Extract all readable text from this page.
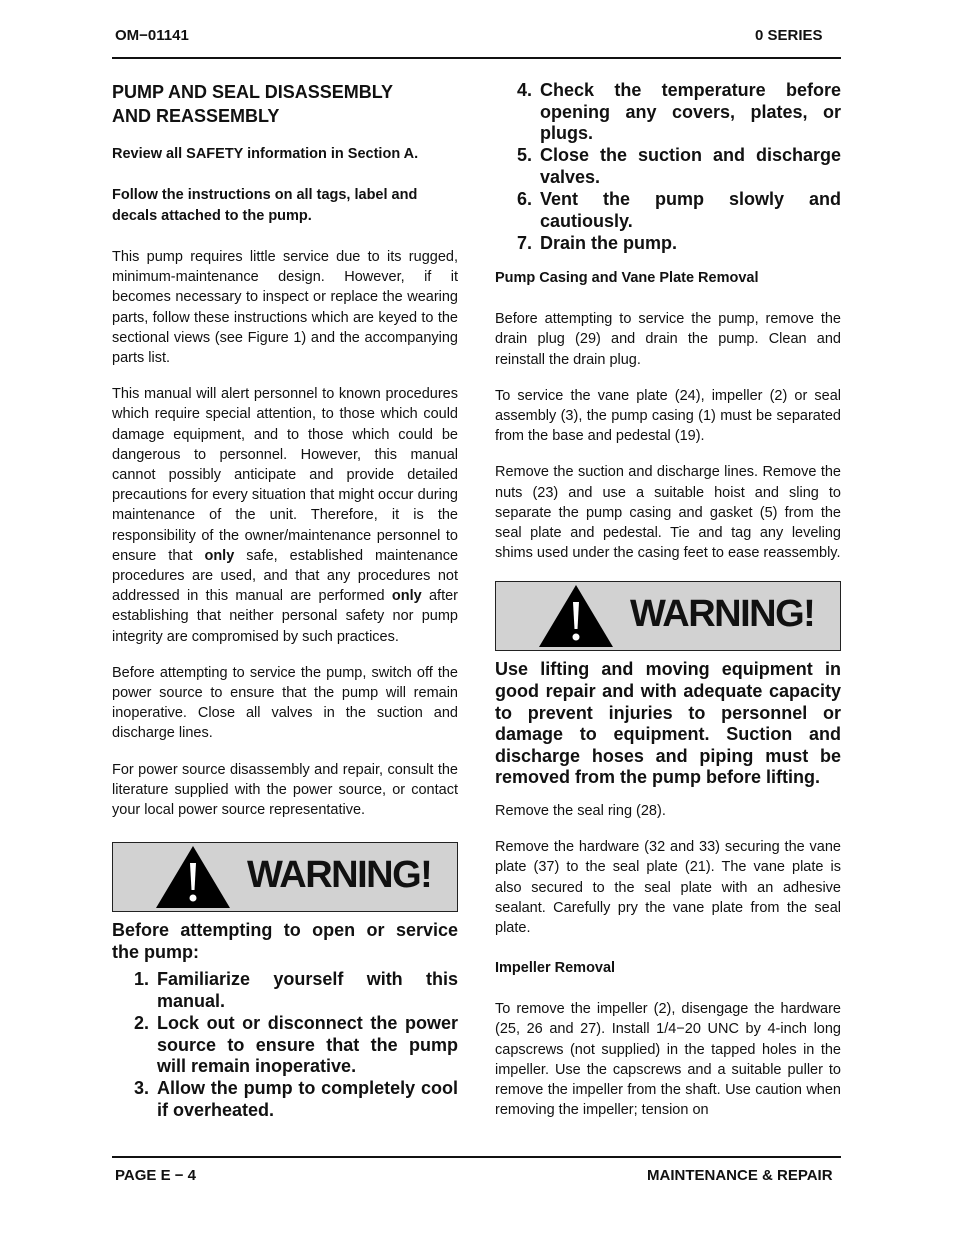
OM−01141	0 SERIES
PUMP AND SEAL DISASSEMBLY
AND REASSEMBLY

Review all SAFETY information in Section A.

Follow the instructions on all tags, label and decals attached to the pump.

This pump requires little service due to its rugged, minimum-maintenance design. However, if it becomes necessary to inspect or replace the wearing parts, follow these instructions which are keyed to the sectional views (see Figure 1) and the accompanying parts list.

This manual will alert personnel to known procedures which require special attention, to those which could damage equipment, and to those which could be dangerous to personnel. However, this manual cannot possibly anticipate and provide detailed precautions for every situation that might occur during maintenance of the unit. Therefore, it is the responsibility of the owner/maintenance personnel to ensure that only safe, established maintenance procedures are used, and that any procedures not addressed in this manual are performed only after establishing that neither personal safety nor pump integrity are compromised by such practices.

Before attempting to service the pump, switch off the power source to ensure that the pump will remain inoperative. Close all valves in the suction and discharge lines.

For power source disassembly and repair, consult the literature supplied with the power source, or contact your local power source representative.

WARNING!

Before attempting to open or service the pump:

1. Familiarize yourself with this manual.
2. Lock out or disconnect the power source to ensure that the pump will remain inoperative.
3. Allow the pump to completely cool if overheated.
4. Check the temperature before opening any covers, plates, or plugs.
5. Close the suction and discharge valves.
6. Vent the pump slowly and cautiously.
7. Drain the pump.

Pump Casing and Vane Plate Removal

Before attempting to service the pump, remove the drain plug (29) and drain the pump. Clean and reinstall the drain plug.

To service the vane plate (24), impeller (2) or seal assembly (3), the pump casing (1) must be separated from the base and pedestal (19).

Remove the suction and discharge lines. Remove the nuts (23) and use a suitable hoist and sling to separate the pump casing and gasket (5) from the seal plate and pedestal. Tie and tag any leveling shims used under the casing feet to ease reassembly.

WARNING!

Use lifting and moving equipment in good repair and with adequate capacity to prevent injuries to personnel or damage to equipment. Suction and discharge hoses and piping must be removed from the pump before lifting.

Remove the seal ring (28).

Remove the hardware (32 and 33) securing the vane plate (37) to the seal plate (21). The vane plate is also secured to the seal plate with an adhesive sealant. Carefully pry the vane plate from the seal plate.

Impeller Removal

To remove the impeller (2), disengage the hardware (25, 26 and 27). Install 1/4−20 UNC by 4-inch long capscrews (not supplied) in the tapped holes in the impeller. Use the capscrews and a suitable puller to remove the impeller from the shaft. Use caution when removing the impeller; tension on

PAGE E − 4	MAINTENANCE & REPAIR
